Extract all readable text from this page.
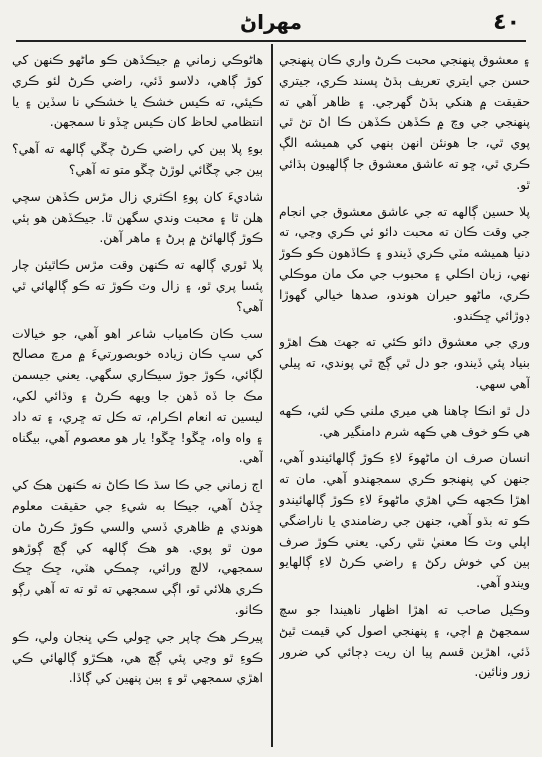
مهراڻ	٤٠

۽ معشوق پنهنجي محبت ڪرڻ واري ڪان پنهنجي حسن جي ايتري تعريف ٻڌڻ پسند ڪري، جيتري حقيقت ۾ هنکي ٻڌڻ گهرجي. ۽ ظاهر آهي ته پنهنجي جي وچ ۾ ڪڏهن ڪڏهن ڪا اڻ تڻ ٿي پوي ٿي، جا هونئن انهن ٻنهي کي هميشه الڳ ڪري ٿي، ڇو ته عاشق معشوق جا ڳالهيون ٻڌائي ٿو.

پلا حسين ڳالهه ته جي عاشق معشوق جي انجام جي وقت ڪان ته محبت دائو ئي ڪري وڃي، ته دنيا هميشه مٽي ڪري ڏيندو ۽ ڪاڏهون ڪو ڪوڙ نهي، زبان اڪلي ۽ محبوب جي مک مان موڪلي ڪري، ماڻهو حيران هوندو، صدها خيالي گهوڙا ڊوڙائي ڇڪندو.

وري جي معشوق دائو ڪئي ته جهٽ هڪ اهڙو بنياد پئي ڏيندو، جو دل ٿي ڳچ ٿي پوندي، ته پيلي آهي سهي.

دل ٿو انڪا چاهنا هي ميري ملني ڪي لئي، ڪهه هي ڪو خوف هي ڪهه شرم دامنگير هي.

انسان صرف ان ماڻهوءَ لاءِ ڪوڙ ڳالهائيندو آهي، جنهن کي پنهنجو ڪري سمجهندو آهي. مان ته اهڙا ڪجهه ڪي اهڙي ماڻهوءَ لاءِ ڪوڙ ڳالهائيندو ڪو ته بڌو آهي، جنهن جي رضامندي يا ناراضگي اپلي وٽ ڪا معنيٰ نٿي رکي. يعني ڪوڙ صرف ٻين کي خوش رکڻ ۽ راضي ڪرڻ لاءِ ڳالهايو ويندو آهي.

وڪيل صاحب ته اهڙا اظهار ناهيندا جو سچ سمجهڻ ۾ اچي، ۽ پنهنجي اصول کي قيمت ٿيڻ ڏئي، اهڙين قسم پيا ان ريت ڊڄائي کي ضرور زور وٺائين.

هاڻوڪي زماني ۾ جيڪڏهن ڪو ماڻهو ڪنهن کي کوڙ ڳاهي، دلاسو ڏئي، راضي ڪرڻ لئو ڪري ڪيئي، ته ڪيس خشڪ يا خشڪي نا سڏين ۽ يا انتظامي لحاظ کان ڪيس ڇڏو نا سمجهن.

بوءِ پلا ٻين کي راضي ڪرڻ چڱي ڳالهه ته آهي؟ ٻين جي چڱائي لوڙڻ چڱو متو ته آهي؟

شاديءَ کان پوءِ اڪثري زال مڙس ڪڏهن سچي هلن ٿا ۽ محبت وندي سگهن ٿا. جيڪڏهن هو ٻئي ڪوڙ ڳالهائڻ ۾ ٻرڻ ۽ ماهر آهن.

پلا ٿوري ڳالهه ته ڪنهن وقت مڙس ڪاٿيئن چار پئسا پري ٿو، ۽ زال وٽ ڪوڙ ته ڪو ڳالهائي ٿي آهي؟

سب ڪان ڪامياب شاعر اهو آهي، جو خيالات کي سڀ ڪان زياده خوبصورتيءَ ۾ مرچ مصالح لڳائي، ڪوڙ جوڙ سيڪاري سگهي. يعني جيسمن مڪ جا ڏه ڏهن جا ويهه ڪرڻ ۽ وڌائي لکي، ليسين ته انعام اڪرام، ته ڪل ته ڇري، ۽ ته داد ۽ واه واه، ڇڱو! ڇڱو! يار هو معصوم آهي، بيگناه آهي.

اڄ زماني جي ڪا سڌ ڪا ڪاڻ نه ڪنهن هڪ کي ڇڏڻ آهي، جيڪا به شيءِ جي حقيقت معلوم هوندي ۾ ظاهري ڏسي والسي ڪوڙ ڪرڻ مان مون ٿو پوي. هو هڪ ڳالهه کي ڳچ ڳوڙهو سمجهي، لالچ ورائي، چمڪي هٽي، ڇڪ ڇڪ ڪري هلائي ٿو، اڳي سمجهي ته ٿو ته ته آهي رڳو ڪاٺو.

پيرڪر هڪ چاپر جي ڇولي ڪي ڀنجان ولي، ڪو ڪوءِ ٿو وڃي پئي ڳچ هي، هڪڙو ڳالهائي ڪي اهڙي سمجهي ٿو ۽ ٻين پنهين کي ڳاڏا.
